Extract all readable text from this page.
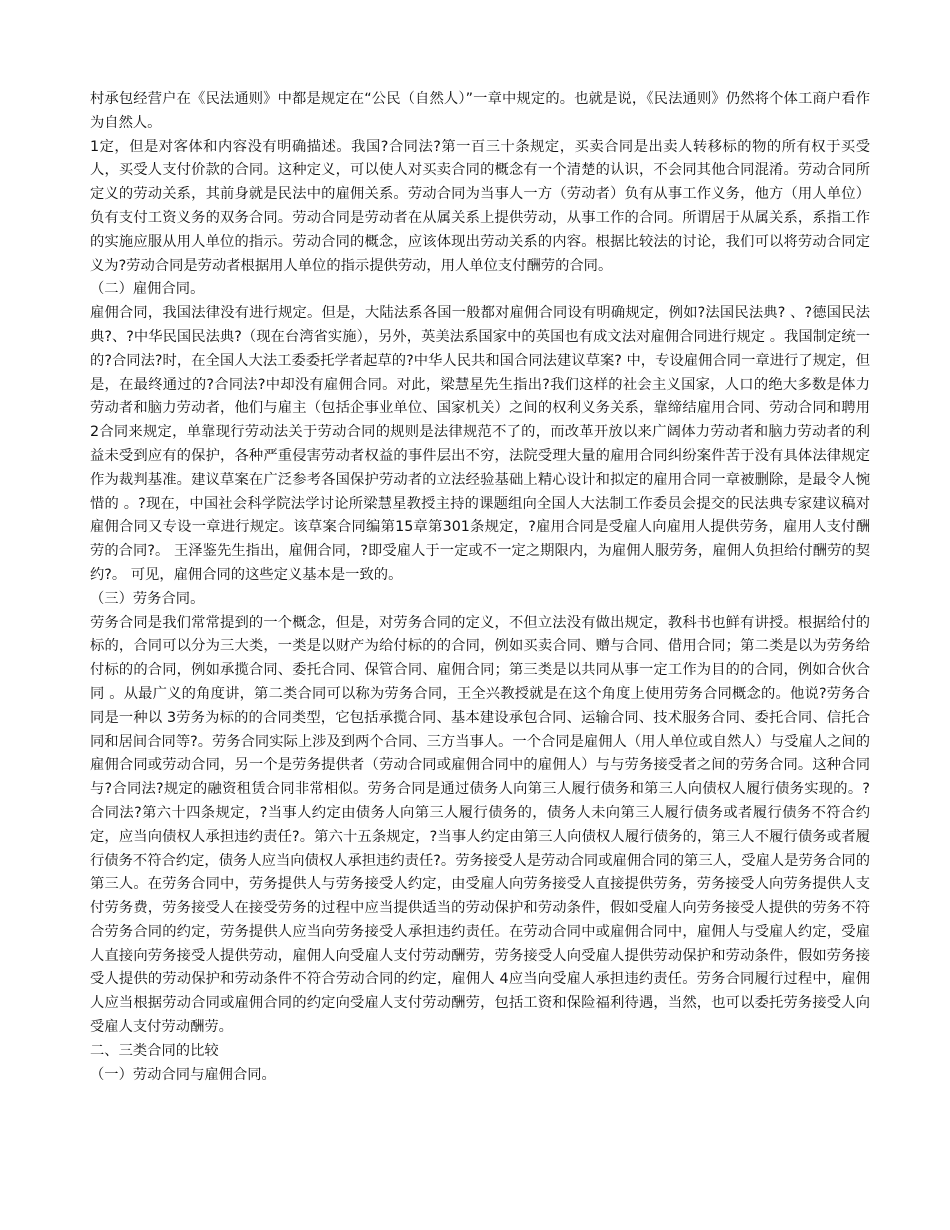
村承包经营户在《民法通则》中都是规定在“公民（自然人）”一章中规定的。也就是说，《民法通则》仍然将个体工商户看作为自然人。

1定，但是对客体和内容没有明确描述。我国?合同法?第一百三十条规定，买卖合同是出卖人转移标的物的所有权于买受人，买受人支付价款的合同。这种定义，可以使人对买卖合同的概念有一个清楚的认识，不会同其他合同混淆。劳动合同所定义的劳动关系，其前身就是民法中的雇佣关系。劳动合同为当事人一方（劳动者）负有从事工作义务，他方（用人单位）负有支付工资义务的双务合同。劳动合同是劳动者在从属关系上提供劳动，从事工作的合同。所谓居于从属关系，系指工作的实施应服从用人单位的指示。劳动合同的概念，应该体现出劳动关系的内容。根据比较法的讨论，我们可以将劳动合同定义为?劳动合同是劳动者根据用人单位的指示提供劳动，用人单位支付酬劳的合同。

（二）雇佣合同。

雇佣合同，我国法律没有进行规定。但是，大陆法系各国一般都对雇佣合同设有明确规定，例如?法国民法典? 、?德国民法典?、?中华民国民法典?（现在台湾省实施），另外，英美法系国家中的英国也有成文法对雇佣合同进行规定 。我国制定统一的?合同法?时，在全国人大法工委委托学者起草的?中华人民共和国合同法建议草案? 中，专设雇佣合同一章进行了规定，但是，在最终通过的?合同法?中却没有雇佣合同。对此，梁慧星先生指出?我们这样的社会主义国家，人口的绝大多数是体力劳动者和脑力劳动者，他们与雇主（包括企事业单位、国家机关）之间的权利义务关系，靠缔结雇用合同、劳动合同和聘用 2合同来规定，单靠现行劳动法关于劳动合同的规则是法律规范不了的，而改革开放以来广阔体力劳动者和脑力劳动者的利益未受到应有的保护，各种严重侵害劳动者权益的事件层出不穷，法院受理大量的雇用合同纠纷案件苦于没有具体法律规定作为裁判基准。建议草案在广泛参考各国保护劳动者的立法经验基础上精心设计和拟定的雇用合同一章被删除，是最令人惋惜的 。?现在，中国社会科学院法学讨论所梁慧星教授主持的课题组向全国人大法制工作委员会提交的民法典专家建议稿对雇佣合同又专设一章进行规定。该草案合同编第15章第301条规定，?雇用合同是受雇人向雇用人提供劳务，雇用人支付酬劳的合同?。 王泽鉴先生指出，雇佣合同，?即受雇人于一定或不一定之期限内，为雇佣人服劳务，雇佣人负担给付酬劳的契约?。 可见，雇佣合同的这些定义基本是一致的。

（三）劳务合同。

劳务合同是我们常常提到的一个概念，但是，对劳务合同的定义，不但立法没有做出规定，教科书也鲜有讲授。根据给付的标的，合同可以分为三大类，一类是以财产为给付标的的合同，例如买卖合同、赠与合同、借用合同；第二类是以为劳务给付标的的合同，例如承揽合同、委托合同、保管合同、雇佣合同；第三类是以共同从事一定工作为目的的合同，例如合伙合同 。从最广义的角度讲，第二类合同可以称为劳务合同，王全兴教授就是在这个角度上使用劳务合同概念的。他说?劳务合同是一种以 3劳务为标的的合同类型，它包括承揽合同、基本建设承包合同、运输合同、技术服务合同、委托合同、信托合同和居间合同等?。劳务合同实际上涉及到两个合同、三方当事人。一个合同是雇佣人（用人单位或自然人）与受雇人之间的雇佣合同或劳动合同，另一个是劳务提供者（劳动合同或雇佣合同中的雇佣人）与与劳务接受者之间的劳务合同。这种合同与?合同法?规定的融资租赁合同非常相似。劳务合同是通过债务人向第三人履行债务和第三人向债权人履行债务实现的。?合同法?第六十四条规定，?当事人约定由债务人向第三人履行债务的，债务人未向第三人履行债务或者履行债务不符合约定，应当向债权人承担违约责任?。第六十五条规定，?当事人约定由第三人向债权人履行债务的，第三人不履行债务或者履行债务不符合约定，债务人应当向债权人承担违约责任?。劳务接受人是劳动合同或雇佣合同的第三人，受雇人是劳务合同的第三人。在劳务合同中，劳务提供人与劳务接受人约定，由受雇人向劳务接受人直接提供劳务，劳务接受人向劳务提供人支付劳务费，劳务接受人在接受劳务的过程中应当提供适当的劳动保护和劳动条件，假如受雇人向劳务接受人提供的劳务不符合劳务合同的约定，劳务提供人应当向劳务接受人承担违约责任。在劳动合同中或雇佣合同中，雇佣人与受雇人约定，受雇人直接向劳务接受人提供劳动，雇佣人向受雇人支付劳动酬劳，劳务接受人向受雇人提供劳动保护和劳动条件，假如劳务接受人提供的劳动保护和劳动条件不符合劳动合同的约定，雇佣人 4应当向受雇人承担违约责任。劳务合同履行过程中，雇佣人应当根据劳动合同或雇佣合同的约定向受雇人支付劳动酬劳，包括工资和保险福利待遇，当然，也可以委托劳务接受人向受雇人支付劳动酬劳。

二、三类合同的比较

（一）劳动合同与雇佣合同。
